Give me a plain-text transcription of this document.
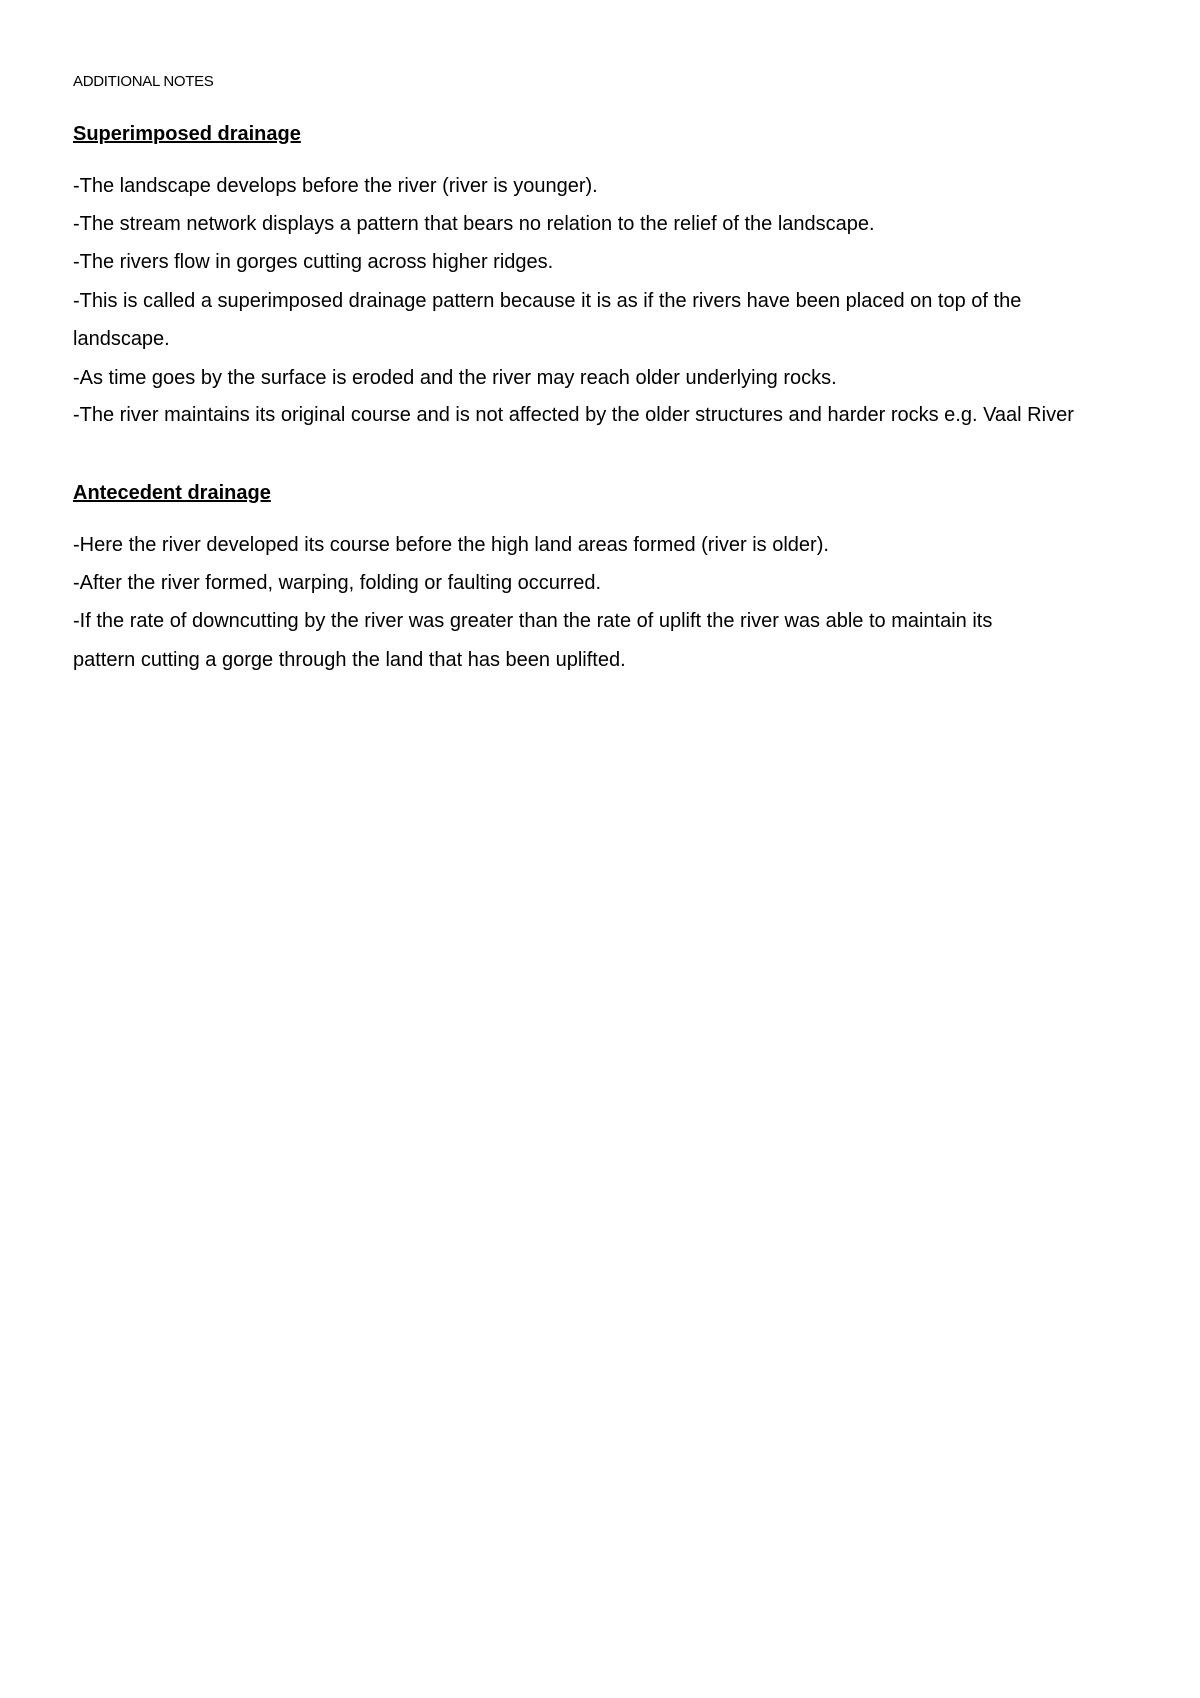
ADDITIONAL NOTES
Superimposed drainage
-The landscape develops before the river (river is younger).
-The stream network displays a pattern that bears no relation to the relief of the landscape.
-The rivers flow in gorges cutting across higher ridges.
-This is called a superimposed drainage pattern because it is as if the rivers have been placed on top of the
landscape.
-As time goes by the surface is eroded and the river may reach older underlying rocks.
-The river maintains its original course and is not affected by the older structures and harder rocks e.g. Vaal River
Antecedent drainage
-Here the river developed its course before the high land areas formed (river is older).
-After the river formed, warping, folding or faulting occurred.
-If the rate of downcutting by the river was greater than the rate of uplift the river was able to maintain its
pattern cutting a gorge through the land that has been uplifted.
